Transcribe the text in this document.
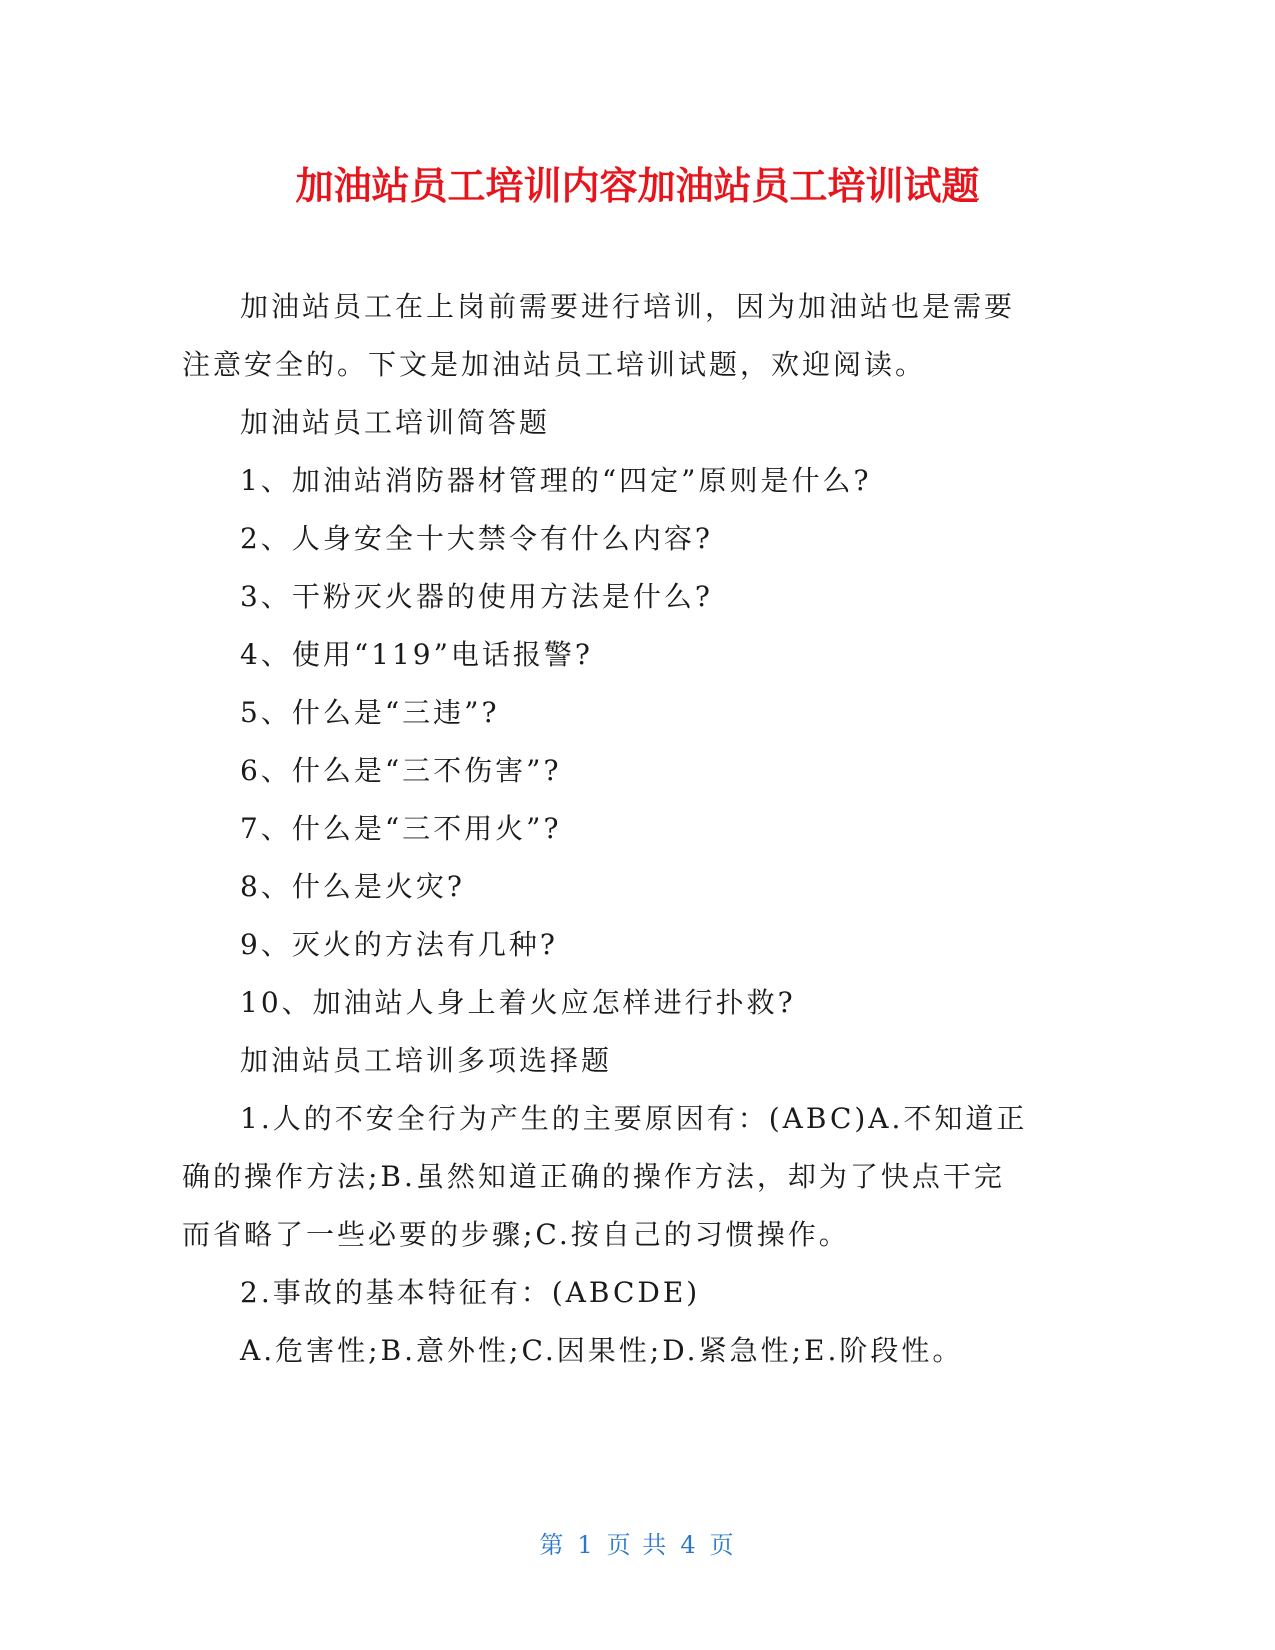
加油站员工培训内容加油站员工培训试题

加油站员工在上岗前需要进行培训，因为加油站也是需要注意安全的。下文是加油站员工培训试题，欢迎阅读。

加油站员工培训简答题

1、加油站消防器材管理的“四定”原则是什么?

2、人身安全十大禁令有什么内容?

3、干粉灭火器的使用方法是什么?

4、使用“119”电话报警?

5、什么是“三违”?

6、什么是“三不伤害”?

7、什么是“三不用火”?

8、什么是火灾?

9、灭火的方法有几种?

10、加油站人身上着火应怎样进行扑救?

加油站员工培训多项选择题

1.人的不安全行为产生的主要原因有：(ABC)A.不知道正确的操作方法;B.虽然知道正确的操作方法，却为了快点干完而省略了一些必要的步骤;C.按自己的习惯操作。

2.事故的基本特征有：(ABCDE)

A.危害性;B.意外性;C.因果性;D.紧急性;E.阶段性。

第 1 页 共 4 页
